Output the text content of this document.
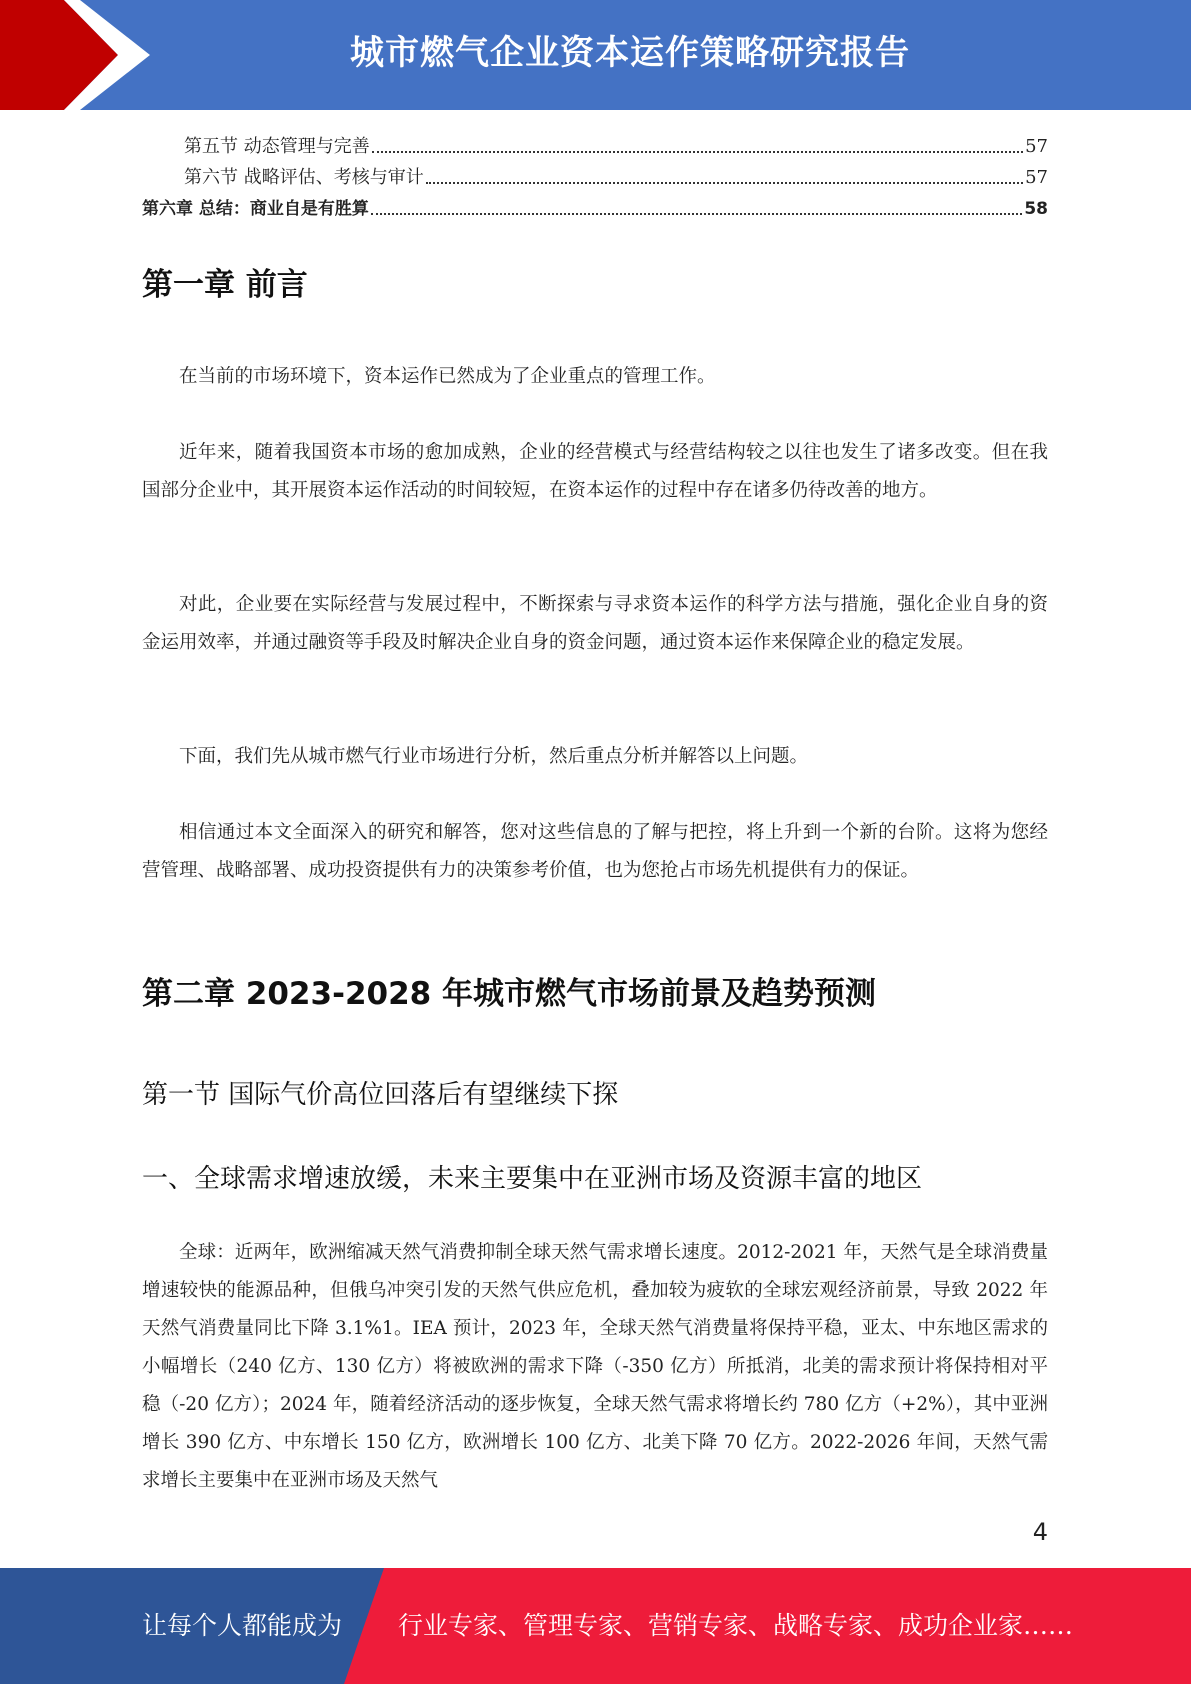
城市燃气企业资本运作策略研究报告
第五节 动态管理与完善	57
第六节 战略评估、考核与审计	57
第六章 总结：商业自是有胜算	58
第一章 前言

在当前的市场环境下，资本运作已然成为了企业重点的管理工作。

近年来，随着我国资本市场的愈加成熟，企业的经营模式与经营结构较之以往也发生了诸多改变。但在我国部分企业中，其开展资本运作活动的时间较短，在资本运作的过程中存在诸多仍待改善的地方。

对此，企业要在实际经营与发展过程中，不断探索与寻求资本运作的科学方法与措施，强化企业自身的资金运用效率，并通过融资等手段及时解决企业自身的资金问题，通过资本运作来保障企业的稳定发展。

下面，我们先从城市燃气行业市场进行分析，然后重点分析并解答以上问题。

相信通过本文全面深入的研究和解答，您对这些信息的了解与把控，将上升到一个新的台阶。这将为您经营管理、战略部署、成功投资提供有力的决策参考价值，也为您抢占市场先机提供有力的保证。

第二章 2023-2028 年城市燃气市场前景及趋势预测
第一节 国际气价高位回落后有望继续下探
一、全球需求增速放缓，未来主要集中在亚洲市场及资源丰富的地区

全球：近两年，欧洲缩减天然气消费抑制全球天然气需求增长速度。2012-2021 年，天然气是全球消费量增速较快的能源品种，但俄乌冲突引发的天然气供应危机，叠加较为疲软的全球宏观经济前景，导致 2022 年天然气消费量同比下降 3.1%1。IEA 预计，2023 年，全球天然气消费量将保持平稳，亚太、中东地区需求的小幅增长（240 亿方、130 亿方）将被欧洲的需求下降（-350 亿方）所抵消，北美的需求预计将保持相对平稳（-20 亿方）；2024 年，随着经济活动的逐步恢复，全球天然气需求将增长约 780 亿方（+2%），其中亚洲增长 390 亿方、中东增长 150 亿方，欧洲增长 100 亿方、北美下降 70 亿方。2022-2026 年间，天然气需求增长主要集中在亚洲市场及天然气

4
让每个人都能成为 行业专家、管理专家、营销专家、战略专家、成功企业家……
